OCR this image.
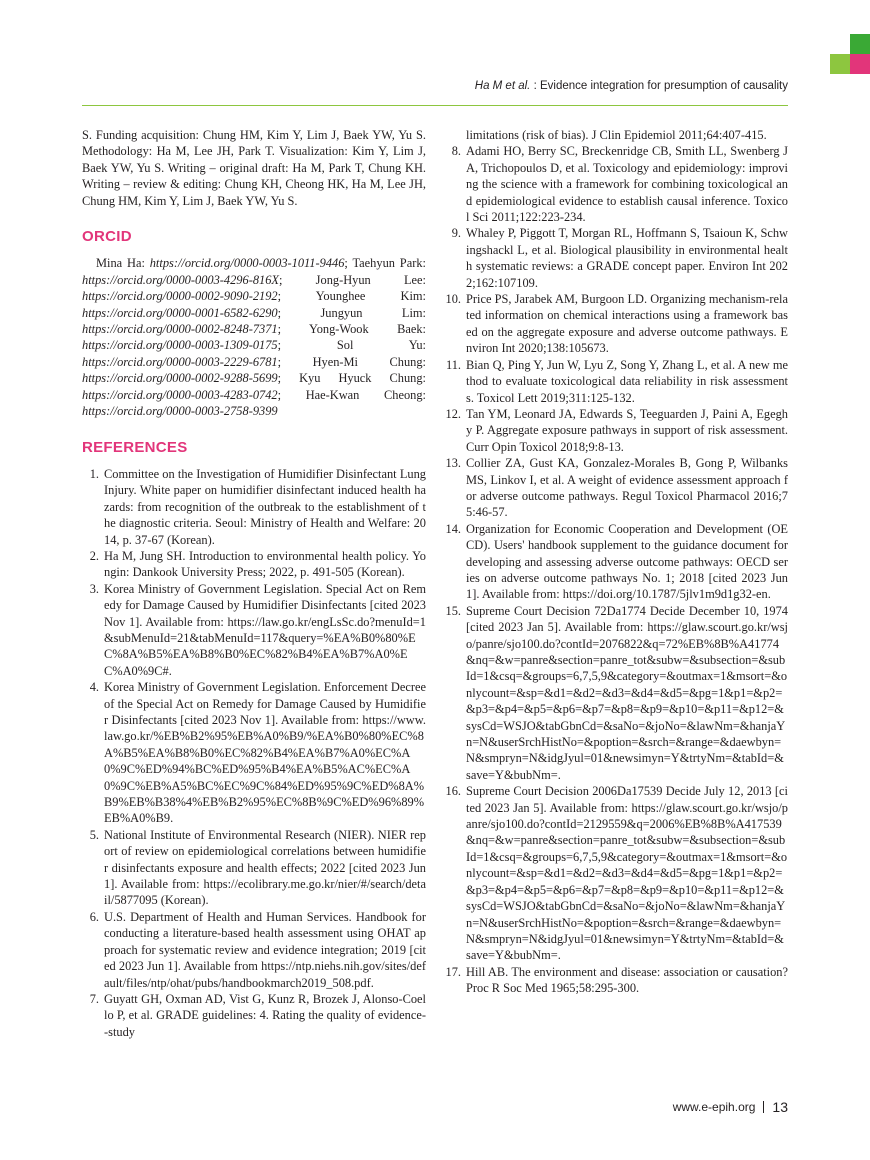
Ha M et al. : Evidence integration for presumption of causality

S. Funding acquisition: Chung HM, Kim Y, Lim J, Baek YW, Yu S. Methodology: Ha M, Lee JH, Park T. Visualization: Kim Y, Lim J, Baek YW, Yu S. Writing – original draft: Ha M, Park T, Chung KH. Writing – review & editing: Chung KH, Cheong HK, Ha M, Lee JH, Chung HM, Kim Y, Lim J, Baek YW, Yu S.

ORCID

Mina Ha: https://orcid.org/0000-0003-1011-9446; Taehyun Park: https://orcid.org/0000-0003-4296-816X; Jong-Hyun Lee: https://orcid.org/0000-0002-9090-2192; Younghee Kim: https://orcid.org/0000-0001-6582-6290; Jungyun Lim: https://orcid.org/0000-0002-8248-7371; Yong-Wook Baek: https://orcid.org/0000-0003-1309-0175; Sol Yu: https://orcid.org/0000-0003-2229-6781; Hyen-Mi Chung: https://orcid.org/0000-0002-9288-5699; Kyu Hyuck Chung: https://orcid.org/0000-0003-4283-0742; Hae-Kwan Cheong: https://orcid.org/0000-0003-2758-9399

REFERENCES
1. Committee on the Investigation of Humidifier Disinfectant Lung Injury. White paper on humidifier disinfectant induced health hazards: from recognition of the outbreak to the establishment of the diagnostic criteria. Seoul: Ministry of Health and Welfare: 2014, p. 37-67 (Korean).
2. Ha M, Jung SH. Introduction to environmental health policy. Yongin: Dankook University Press; 2022, p. 491-505 (Korean).
3. Korea Ministry of Government Legislation. Special Act on Remedy for Damage Caused by Humidifier Disinfectants [cited 2023 Nov 1]. Available from: https://law.go.kr/engLsSc.do?menuId=1&subMenuId=21&tabMenuId=117&query=%EA%B0%80%EC%8A%B5%EA%B8%B0%EC%82%B4%EA%B7%A0%EC%A0%9C#.
4. Korea Ministry of Government Legislation. Enforcement Decree of the Special Act on Remedy for Damage Caused by Humidifier Disinfectants [cited 2023 Nov 1]. Available from: https://www.law.go.kr/%EB%B2%95%EB%A0%B9/%EA%B0%80%EC%8A%B5%EA%B8%B0%EC%82%B4%EA%B7%A0%EC%A0%9C%ED%94%BC%ED%95%B4%EA%B5%AC%EC%A0%9C%EB%A5%BC%EC%9C%84%ED%95%9C%ED%8A%B9%EB%B38%4%EB%B2%95%EC%8B%9C%ED%96%89%EB%A0%B9.
5. National Institute of Environmental Research (NIER). NIER report of review on epidemiological correlations between humidifier disinfectants exposure and health effects; 2022 [cited 2023 Jun 1]. Available from: https://ecolibrary.me.go.kr/nier/#/search/detail/5877095 (Korean).
6. U.S. Department of Health and Human Services. Handbook for conducting a literature-based health assessment using OHAT approach for systematic review and evidence integration; 2019 [cited 2023 Jun 1]. Available from https://ntp.niehs.nih.gov/sites/default/files/ntp/ohat/pubs/handbookmarch2019_508.pdf.
7. Guyatt GH, Oxman AD, Vist G, Kunz R, Brozek J, Alonso-Coello P, et al. GRADE guidelines: 4. Rating the quality of evidence--study
limitations (risk of bias). J Clin Epidemiol 2011;64:407-415.
8. Adami HO, Berry SC, Breckenridge CB, Smith LL, Swenberg JA, Trichopoulos D, et al. Toxicology and epidemiology: improving the science with a framework for combining toxicological and epidemiological evidence to establish causal inference. Toxicol Sci 2011;122:223-234.
9. Whaley P, Piggott T, Morgan RL, Hoffmann S, Tsaioun K, Schwingshackl L, et al. Biological plausibility in environmental health systematic reviews: a GRADE concept paper. Environ Int 2022;162:107109.
10. Price PS, Jarabek AM, Burgoon LD. Organizing mechanism-related information on chemical interactions using a framework based on the aggregate exposure and adverse outcome pathways. Environ Int 2020;138:105673.
11. Bian Q, Ping Y, Jun W, Lyu Z, Song Y, Zhang L, et al. A new method to evaluate toxicological data reliability in risk assessments. Toxicol Lett 2019;311:125-132.
12. Tan YM, Leonard JA, Edwards S, Teeguarden J, Paini A, Egeghy P. Aggregate exposure pathways in support of risk assessment. Curr Opin Toxicol 2018;9:8-13.
13. Collier ZA, Gust KA, Gonzalez-Morales B, Gong P, Wilbanks MS, Linkov I, et al. A weight of evidence assessment approach for adverse outcome pathways. Regul Toxicol Pharmacol 2016;75:46-57.
14. Organization for Economic Cooperation and Development (OECD). Users' handbook supplement to the guidance document for developing and assessing adverse outcome pathways: OECD series on adverse outcome pathways No. 1; 2018 [cited 2023 Jun 1]. Available from: https://doi.org/10.1787/5jlv1m9d1g32-en.
15. Supreme Court Decision 72Da1774 Decide December 10, 1974 [cited 2023 Jan 5]. Available from: https://glaw.scourt.go.kr/wsjo/panre/sjo100.do?contId=2076822&q=72%EB%8B%A41774&nq=&w=panre&section=panre_tot&subw=&subsection=&subId=1&csq=&groups=6,7,5,9&category=&outmax=1&msort=&onlycount=&sp=&d1=&d2=&d3=&d4=&d5=&pg=1&p1=&p2=&p3=&p4=&p5=&p6=&p7=&p8=&p9=&p10=&p11=&p12=&sysCd=WSJO&tabGbnCd=&saNo=&joNo=&lawNm=&hanjaYn=N&userSrchHistNo=&poption=&srch=&range=&daewbyn=N&smpryn=N&idgJyul=01&newsimyn=Y&trtyNm=&tabId=&save=Y&bubNm=.
16. Supreme Court Decision 2006Da17539 Decide July 12, 2013 [cited 2023 Jan 5]. Available from: https://glaw.scourt.go.kr/wsjo/panre/sjo100.do?contId=2129559&q=2006%EB%8B%A417539&nq=&w=panre&section=panre_tot&subw=&subsection=&subId=1&csq=&groups=6,7,5,9&category=&outmax=1&msort=&onlycount=&sp=&d1=&d2=&d3=&d4=&d5=&pg=1&p1=&p2=&p3=&p4=&p5=&p6=&p7=&p8=&p9=&p10=&p11=&p12=&sysCd=WSJO&tabGbnCd=&saNo=&joNo=&lawNm=&hanjaYn=N&userSrchHistNo=&poption=&srch=&range=&daewbyn=N&smpryn=N&idgJyul=01&newsimyn=Y&trtyNm=&tabId=&save=Y&bubNm=.
17. Hill AB. The environment and disease: association or causation? Proc R Soc Med 1965;58:295-300.
www.e-epih.org 13
